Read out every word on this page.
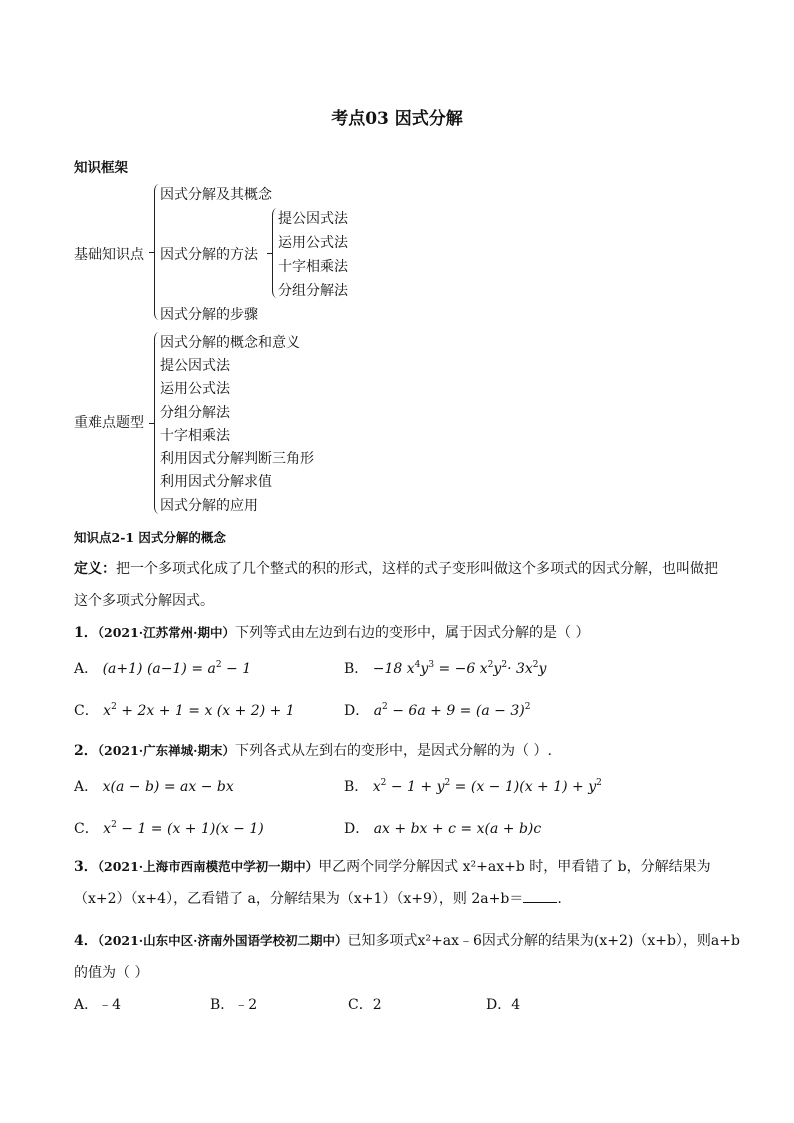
考点03 因式分解
知识框架
基础知识点
因式分解及其概念
因式分解的方法
因式分解的步骤
提公因式法
运用公式法
十字相乘法
分组分解法
重难点题型
因式分解的概念和意义
提公因式法
运用公式法
分组分解法
十字相乘法
利用因式分解判断三角形
利用因式分解求值
因式分解的应用
知识点2-1 因式分解的概念
定义：把一个多项式化成了几个整式的积的形式，这样的式子变形叫做这个多项式的因式分解，也叫做把
这个多项式分解因式。
1．（2021·江苏常州·期中）下列等式由左边到右边的变形中，属于因式分解的是（ ）
A． (a+1) $(a-1) = a^2 - 1$	B． −18 $x^4y^3 = -6$ $x^2y^2\cdot 3x^2y$
C． $x^2 + 2x + 1 = x$ (x + 2) + 1	D． $a^2 - 6a + 9 = (a - 3)^2$
2．（2021·广东禅城·期末）下列各式从左到右的变形中，是因式分解的为（ ）.
A． x(a − b) = ax − bx	B． $x^2 - 1 + y^2 = (x - 1)(x + 1) + y^2$
C． $x^2 - 1 = (x + 1)(x - 1)$	D． ax + bx + c = x(a + b)c
3．（2021·上海市西南模范中学初一期中）甲乙两个同学分解因式 x²+ax+b 时，甲看错了 b，分解结果为
（x+2）（x+4），乙看错了 a，分解结果为（x+1）（x+9），则 2a+b＝ .
4．（2021·山东中区·济南外国语学校初二期中）已知多项式x²+ax﹣6因式分解的结果为(x+2)（x+b），则a+b
的值为（ ）
A．﹣4	B．﹣2	C．2	D．4
